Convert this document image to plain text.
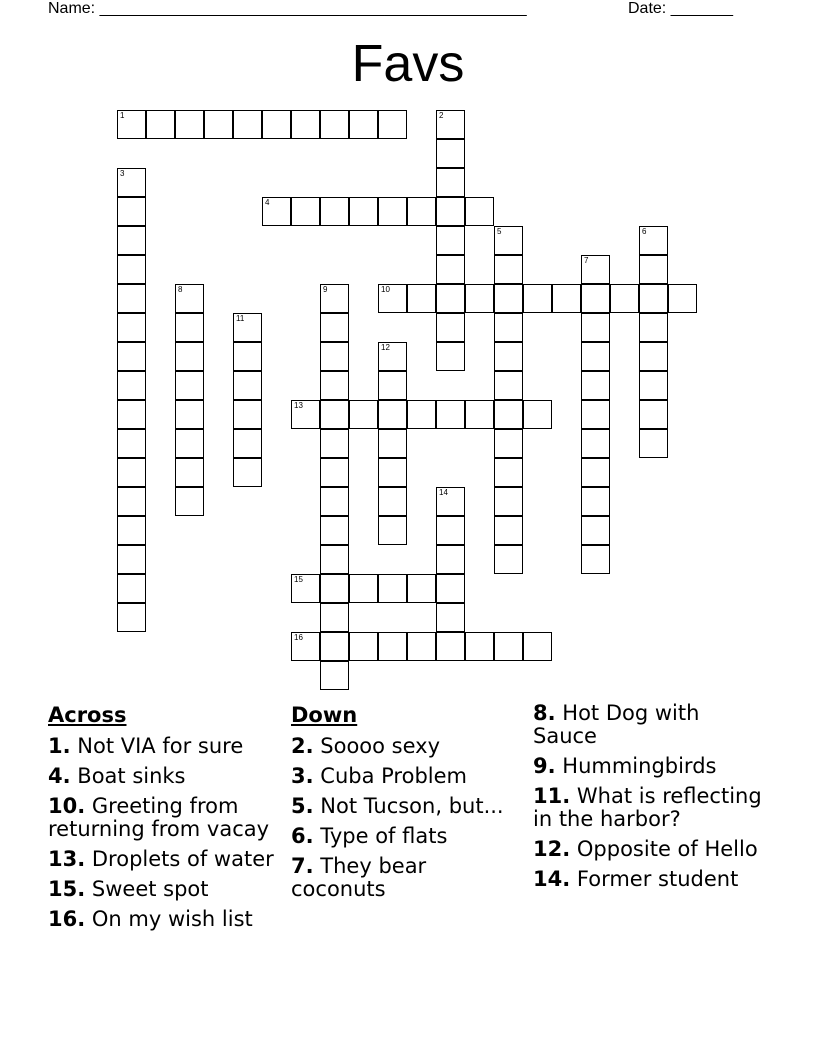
Name: ________________________________________________	Date: _______
Favs
1	2
3
4
5	6
7
8	9	10
11
12
13
14
15
16
Across
1. Not VIA for sure
4. Boat sinks
10. Greeting from returning from vacay
13. Droplets of water
15. Sweet spot
16. On my wish list
Down
2. Soooo sexy
3. Cuba Problem
5. Not Tucson, but...
6. Type of flats
7. They bear coconuts
8. Hot Dog with Sauce
9. Hummingbirds
11. What is reflecting in the harbor?
12. Opposite of Hello
14. Former student
